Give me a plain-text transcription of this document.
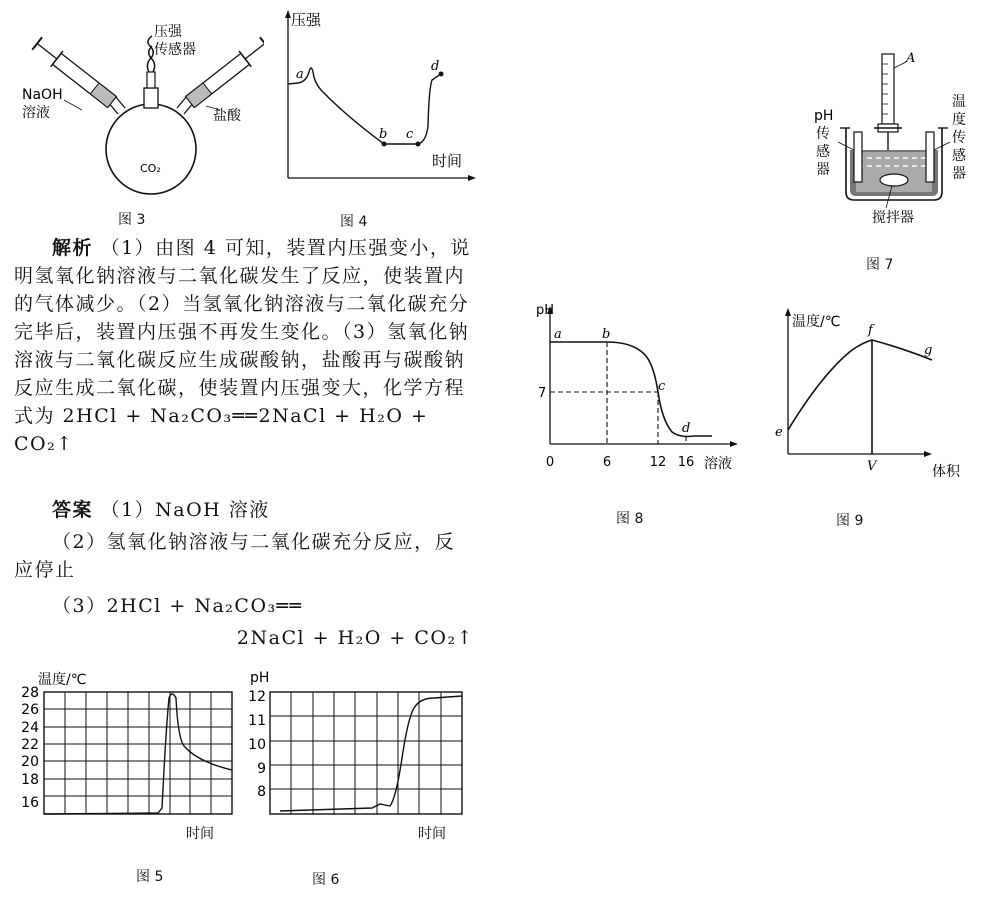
NaOH
溶液
压强
传感器
盐酸
CO₂
图 3
压强
时间
a
b c
d
图 4
解析 （1）由图 4 可知，装置内压强变小，说明氢氧化钠溶液与二氧化碳发生了反应，使装置内的气体减少。（2）当氢氧化钠溶液与二氧化碳充分完毕后，装置内压强不再发生变化。（3）氢氧化钠溶液与二氧化碳反应生成碳酸钠，盐酸再与碳酸钠反应生成二氧化碳，使装置内压强变大，化学方程式为 2HCl + Na₂CO₃══2NaCl + H₂O + CO₂↑
答案 （1）NaOH 溶液
（2）氢氧化钠溶液与二氧化碳充分反应，反应停止
（3）2HCl + Na₂CO₃══
2NaCl + H₂O + CO₂↑
温度/℃
28
26
24
22
20
18
16
时间
图 5
pH
12
11
10
9
8
时间
图 6
A
pH
传
感
器
温
度
传
感
器
搅拌器
图 7
pH
7
0	6	12 16 溶液
a	b
c
d
图 8
温度/℃
体积
V
e
f
g
图 9
